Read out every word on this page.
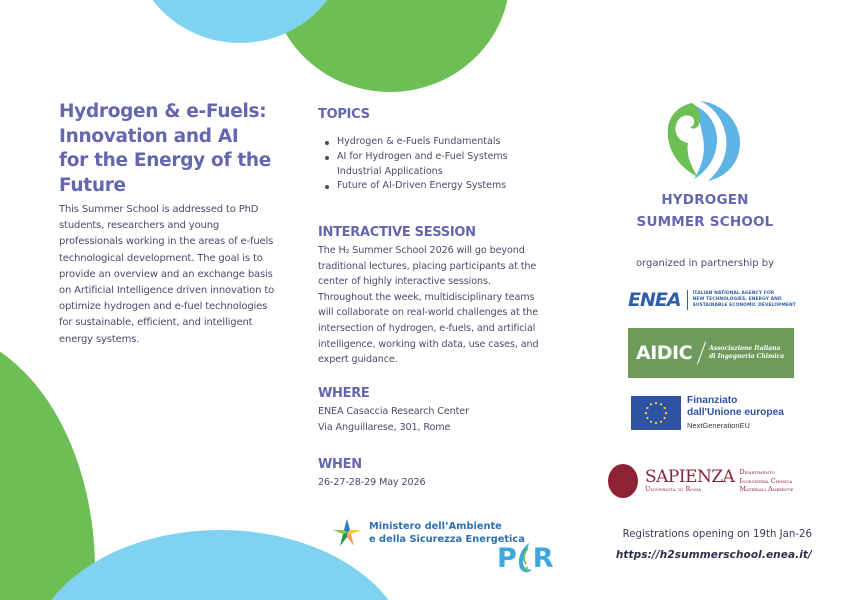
Hydrogen & e-Fuels:
Innovation and AI
for the Energy of the
Future

This Summer School is addressed to PhD students, researchers and young professionals working in the areas of e-fuels technological development. The goal is to provide an overview and an exchange basis on Artificial Intelligence driven innovation to optimize hydrogen and e-fuel technologies for sustainable, efficient, and intelligent energy systems.

TOPICS
Hydrogen & e-Fuels Fundamentals
AI for Hydrogen and e-Fuel Systems Industrial Applications
Future of AI-Driven Energy Systems
INTERACTIVE SESSION

The H₂ Summer School 2026 will go beyond traditional lectures, placing participants at the center of highly interactive sessions. Throughout the week, multidisciplinary teams will collaborate on real-world challenges at the intersection of hydrogen, e-fuels, and artificial intelligence, working with data, use cases, and expert guidance.

WHERE

ENEA Casaccia Research Center
Via Anguillarese, 301, Rome

WHEN

26-27-28-29 May 2026

Ministero dell’Ambiente
e della Sicurezza Energetica
P H2 R
HYDROGEN
SUMMER SCHOOL
organized in partnership by
ENEA	ITALIAN NATIONAL AGENCY FOR
NEW TECHNOLOGIES, ENERGY AND
SUSTAINABLE ECONOMIC DEVELOPMENT
AIDIC	Associazione Italiana
di Ingegneria Chimica
Finanziato
dall'Unione europea
NextGenerationEU
SAPIENZA
Università di Roma
Dipartimento
Ingegneria Chimica
Materiali Ambiente
Registrations opening on 19th Jan-26
https://h2summerschool.enea.it/
